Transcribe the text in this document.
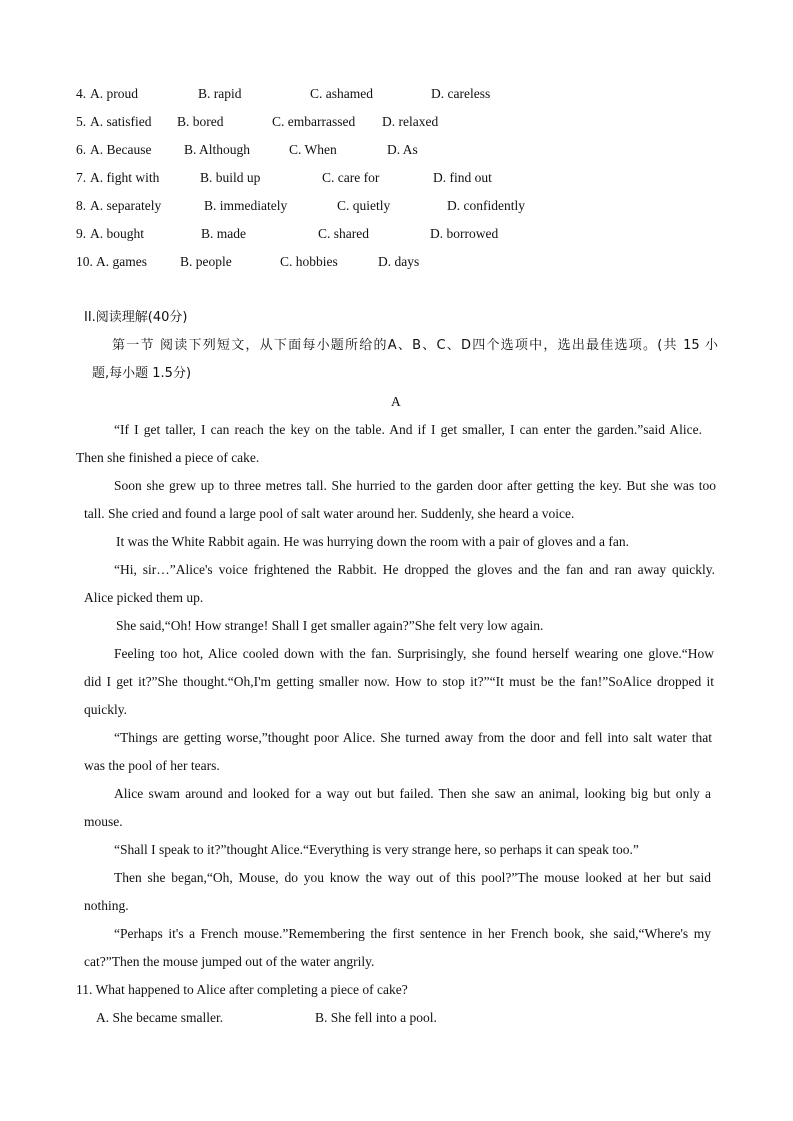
4. A. proud	B. rapid	C. ashamed	D. careless
5. A. satisfied B. bored	C. embarrassed D. relaxed
6. A. Because B. Although	C. When	D. As
7. A. fight with	B. build up	C. care for	D. find out
8. A. separately	B. immediately	C. quietly	D. confidently
9. A. bought	B. made	C. shared	D. borrowed
10. A. games B. people	C. hobbies	D. days
II.阅读理解(40分)
第一节 阅读下列短文，从下面每小题所给的A、B、C、D四个选项中，选出最佳选项。(共 15 小
题,每小题 1.5分)
A
“If I get taller, I can reach the key on the table. And if I get smaller, I can enter the garden.”said Alice.
Then she finished a piece of cake.
Soon she grew up to three metres tall. She hurried to the garden door after getting the key. But she was too
tall. She cried and found a large pool of salt water around her. Suddenly, she heard a voice.
It was the White Rabbit again. He was hurrying down the room with a pair of gloves and a fan.
“Hi, sir…”Alice's voice frightened the Rabbit. He dropped the gloves and the fan and ran away quickly.
Alice picked them up.
She said,“Oh! How strange! Shall I get smaller again?”She felt very low again.
Feeling too hot, Alice cooled down with the fan. Surprisingly, she found herself wearing one glove.“How
did I get it?”She thought.“Oh,I'm getting smaller now. How to stop it?”“It must be the fan!”SoAlice dropped it
quickly.
“Things are getting worse,”thought poor Alice. She turned away from the door and fell into salt water that
was the pool of her tears.
Alice swam around and looked for a way out but failed. Then she saw an animal, looking big but only a
mouse.
“Shall I speak to it?”thought Alice.“Everything is very strange here, so perhaps it can speak too.”
Then she began,“Oh, Mouse, do you know the way out of this pool?”The mouse looked at her but said
nothing.
“Perhaps it's a French mouse.”Remembering the first sentence in her French book, she said,“Where's my
cat?”Then the mouse jumped out of the water angrily.
11. What happened to Alice after completing a piece of cake?
A. She became smaller.	B. She fell into a pool.
